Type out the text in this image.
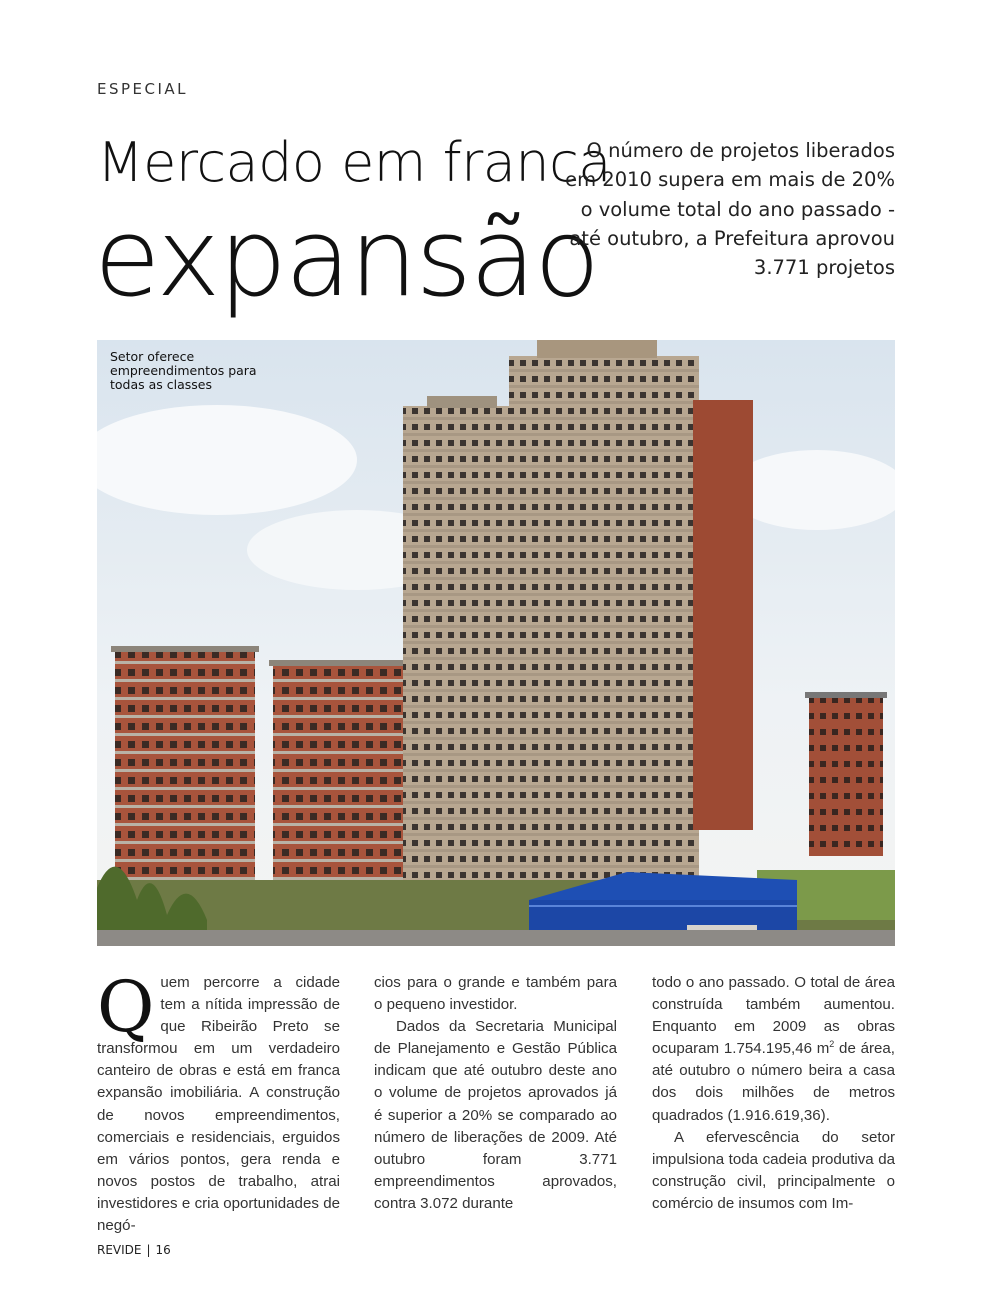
ESPECIAL
Mercado em franca
expansão
O número de projetos liberados em 2010 supera em mais de 20% o volume total do ano passado - até outubro, a Prefeitura aprovou 3.771 projetos
Setor oferece empreendimentos para todas as classes

Q uem percorre a cidade tem a nítida impressão de que Ribeirão Preto se transformou em um verdadeiro canteiro de obras e está em franca expansão imobiliária. A construção de novos empreendimentos, comerciais e residenciais, erguidos em vários pontos, gera renda e novos postos de trabalho, atrai investidores e cria oportunidades de negó-

cios para o grande e também para o pequeno investidor.

Dados da Secretaria Municipal de Planejamento e Gestão Pública indicam que até outubro deste ano o volume de projetos aprovados já é superior a 20% se comparado ao número de liberações de 2009. Até outubro foram 3.771 empreendimentos aprovados, contra 3.072 durante

todo o ano passado. O total de área construída também aumentou. Enquanto em 2009 as obras ocuparam 1.754.195,46 $m^2$ de área, até outubro o número beira a casa dos dois milhões de metros quadrados (1.916.619,36).

A efervescência do setor impulsiona toda cadeia produtiva da construção civil, principalmente o comércio de insumos com Im-

REVIDE | 16
